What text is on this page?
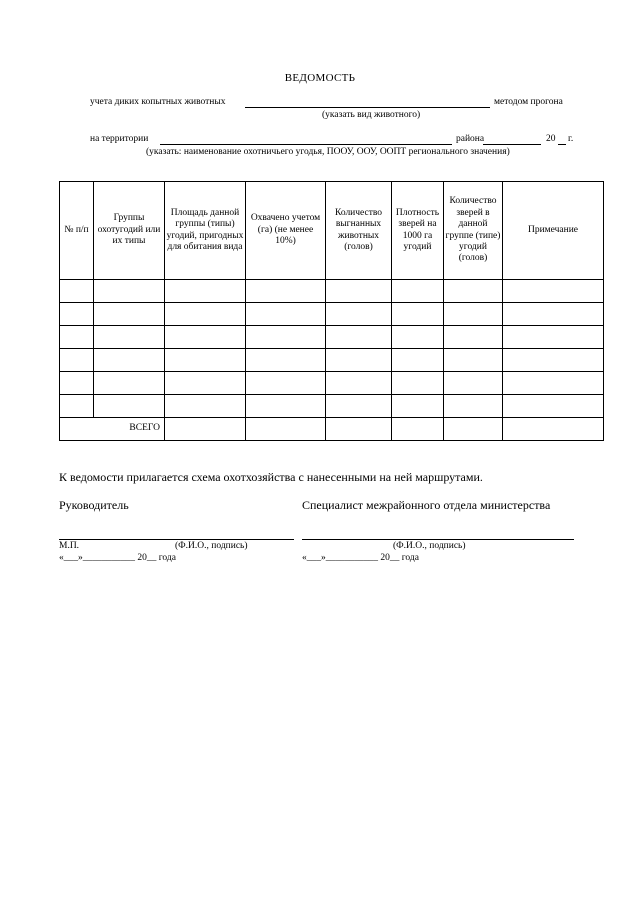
ВЕДОМОСТЬ
учета диких копытных животных	методом прогона
(указать вид животного)
на территории	района	20 г.
(указать: наименование охотничьего угодья, ПООУ, ООУ, ООПТ регионального значения)
№ п/п	Группы охотугодий или их типы	Площадь данной группы (типы) угодий, пригодных для обитания вида	Охвачено учетом (га) (не менее 10%)	Количество выгнанных животных (голов)	Плотность зверей на 1000 га угодий	Количество зверей в данной группе (типе) угодий (голов)	Примечание

ВСЕГО							
К ведомости прилагается схема охотхозяйства с нанесенными на ней маршрутами.
Руководитель
М.П.	(Ф.И.О., подпись)
«___»___________ 20__ года
Специалист межрайонного отдела министерства
(Ф.И.О., подпись)
«___»___________ 20__ года
